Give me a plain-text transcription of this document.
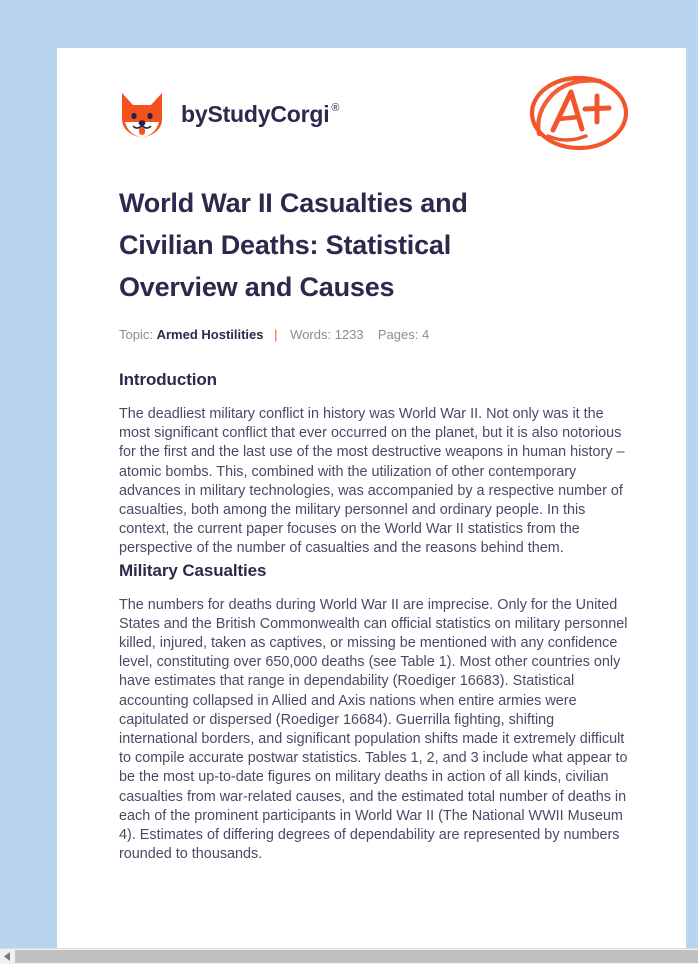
by StudyCorgi ®
World War II Casualties and Civilian Deaths: Statistical Overview and Causes
Topic: Armed Hostilities | Words: 1233 Pages: 4
Introduction

The deadliest military conflict in history was World War II. Not only was it the most significant conflict that ever occurred on the planet, but it is also notorious for the first and the last use of the most destructive weapons in human history – atomic bombs. This, combined with the utilization of other contemporary advances in military technologies, was accompanied by a respective number of casualties, both among the military personnel and ordinary people. In this context, the current paper focuses on the World War II statistics from the perspective of the number of casualties and the reasons behind them.

Military Casualties

The numbers for deaths during World War II are imprecise. Only for the United States and the British Commonwealth can official statistics on military personnel killed, injured, taken as captives, or missing be mentioned with any confidence level, constituting over 650,000 deaths (see Table 1). Most other countries only have estimates that range in dependability (Roediger 16683). Statistical accounting collapsed in Allied and Axis nations when entire armies were capitulated or dispersed (Roediger 16684). Guerrilla fighting, shifting international borders, and significant population shifts made it extremely difficult to compile accurate postwar statistics. Tables 1, 2, and 3 include what appear to be the most up-to-date figures on military deaths in action of all kinds, civilian casualties from war-related causes, and the estimated total number of deaths in each of the prominent participants in World War II (The National WWII Museum 4). Estimates of differing degrees of dependability are represented by numbers rounded to thousands.
